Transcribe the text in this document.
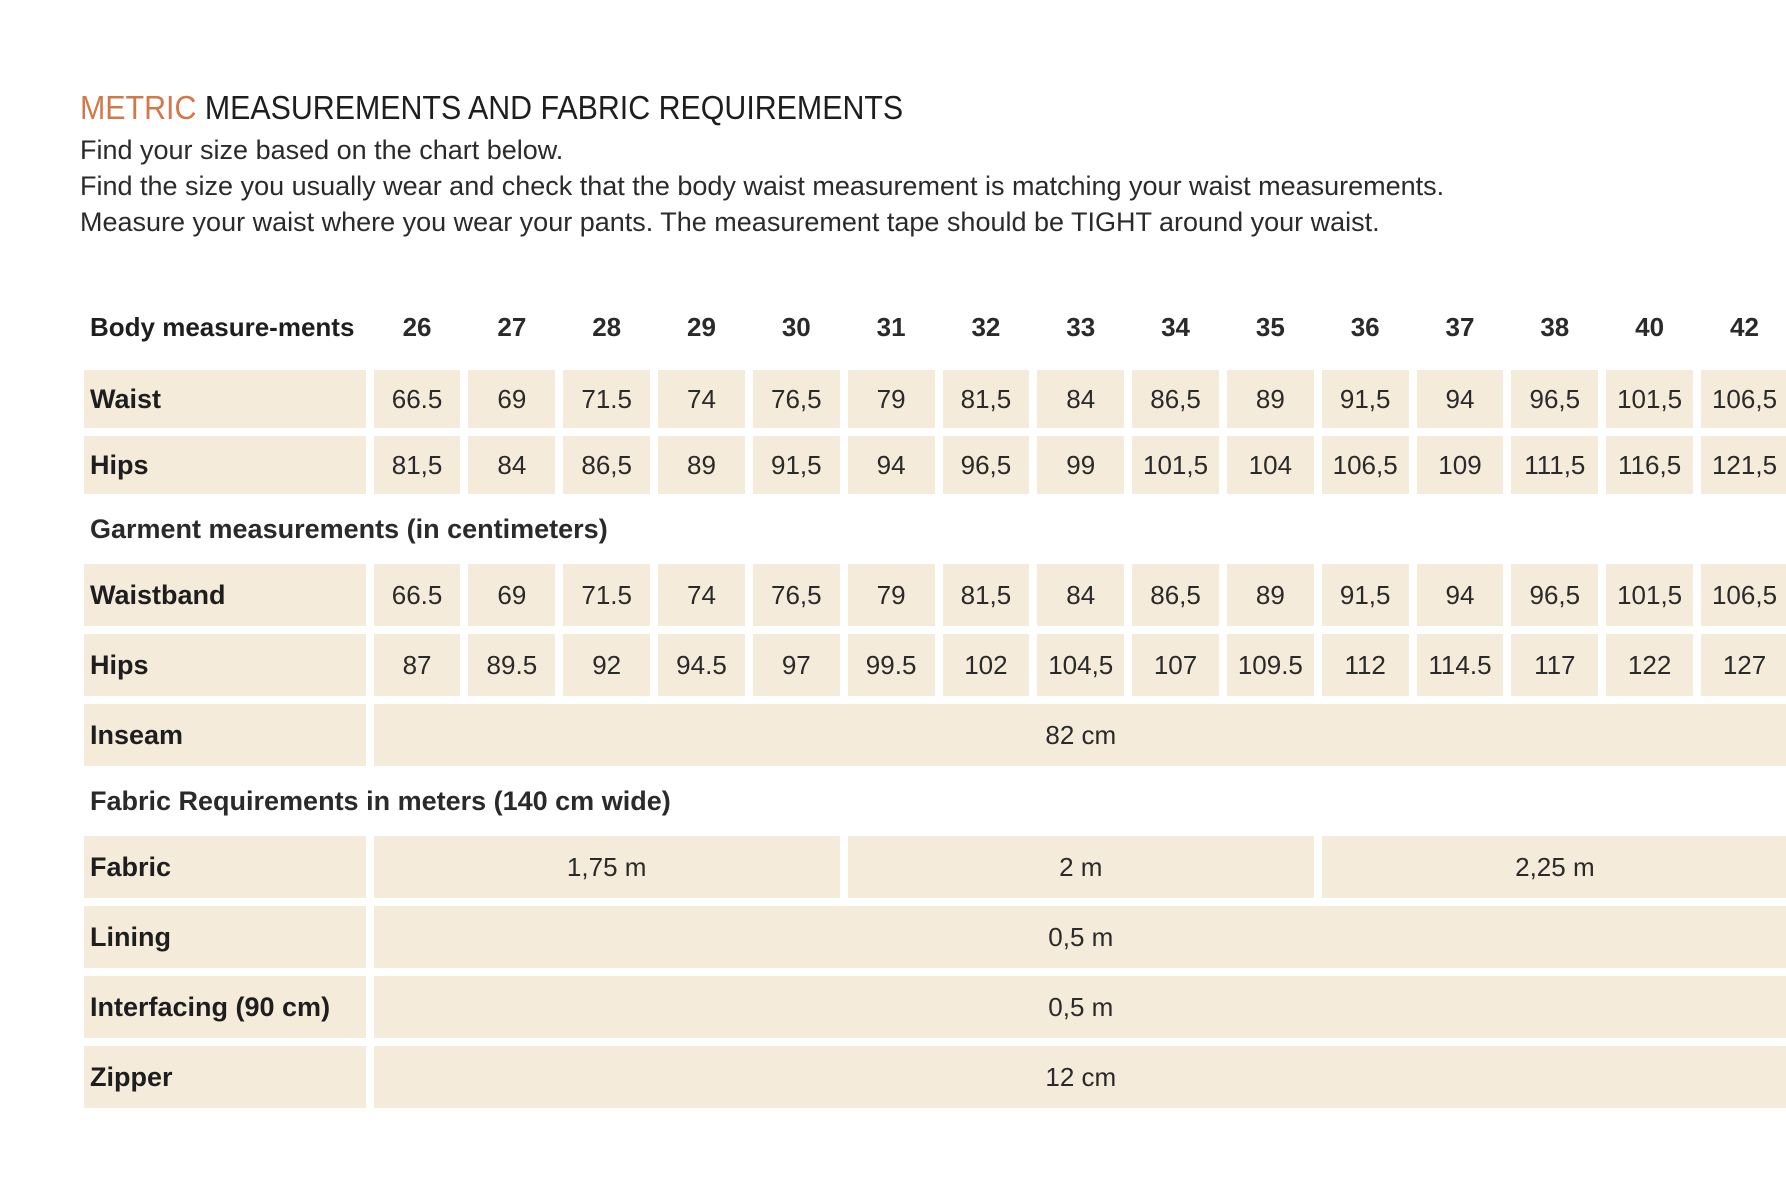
METRIC MEASUREMENTS AND FABRIC REQUIREMENTS

Find your size based on the chart below.

Find the size you usually wear and check that the body waist measurement is matching your waist measurements.

Measure your waist where you wear your pants. The measurement tape should be TIGHT around your waist.

Body measure-ments	26	27	28	29	30	31	32	33	34	35	36	37	38	40	42
Waist	66.5	69	71.5	74	76,5	79	81,5	84	86,5	89	91,5	94	96,5	101,5	106,5
Hips	81,5	84	86,5	89	91,5	94	96,5	99	101,5	104	106,5	109	111,5	116,5	121,5
Garment measurements (in centimeters)															
Waistband	66.5	69	71.5	74	76,5	79	81,5	84	86,5	89	91,5	94	96,5	101,5	106,5
Hips	87	89.5	92	94.5	97	99.5	102	104,5	107	109.5	112	114.5	117	122	127
Inseam	82 cm														
Fabric Requirements in meters (140 cm wide)															
Fabric	1,75 m					2 m					2,25 m				
Lining	0,5 m														
Interfacing (90 cm)	0,5 m														
Zipper	12 cm														
